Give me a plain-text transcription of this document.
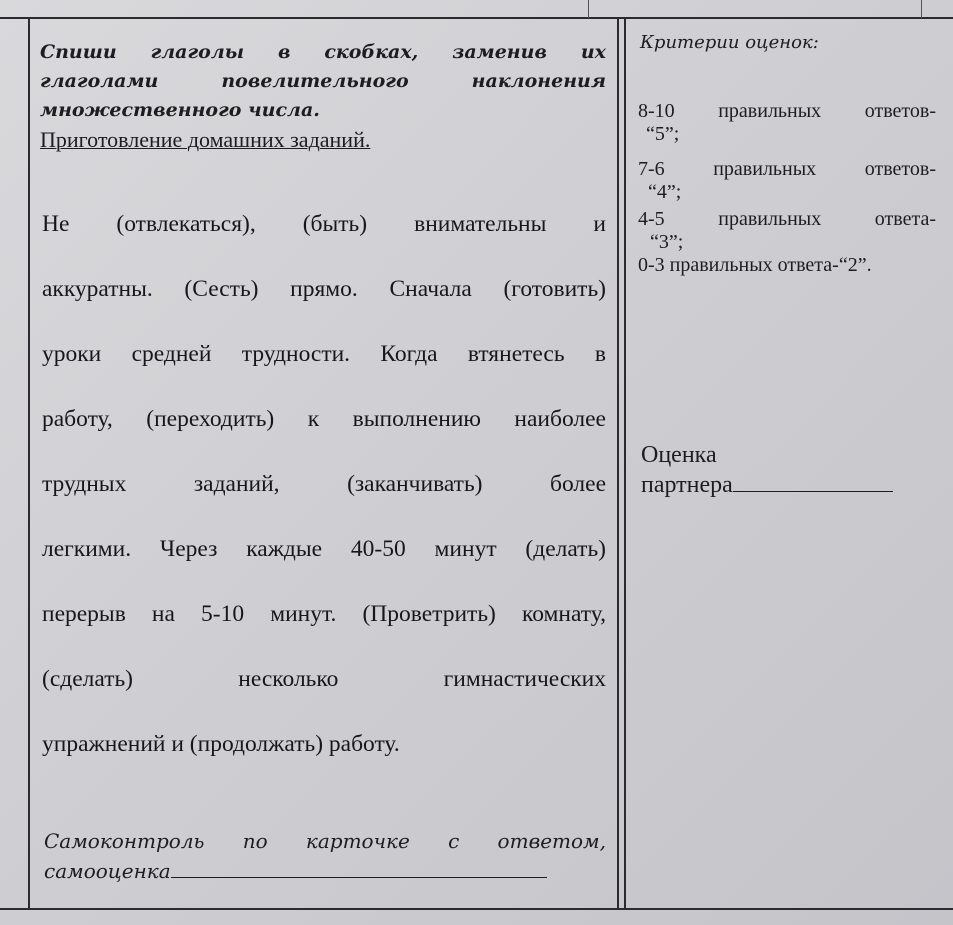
Спиши глаголы в скобках, заменив их
глаголами повелительного наклонения
множественного числа.
Приготовление домашних заданий.
Не (отвлекаться), (быть) внимательны и
аккуратны. (Сесть) прямо. Сначала (готовить)
уроки средней трудности. Когда втянетесь в
работу, (переходить) к выполнению наиболее
трудных заданий, (заканчивать) более
легкими. Через каждые 40-50 минут (делать)
перерыв на 5-10 минут. (Проветрить) комнату,
(сделать) несколько гимнастических
упражнений и (продолжать) работу.
Самоконтроль по карточке с ответом,
самооценка
Критерии оценок:
8-10 правильных ответов-
“5”;
7-6 правильных ответов-
“4”;
4-5 правильных ответа-
“3”;
0-3 правильных ответа-“2”.
Оценка
партнера
